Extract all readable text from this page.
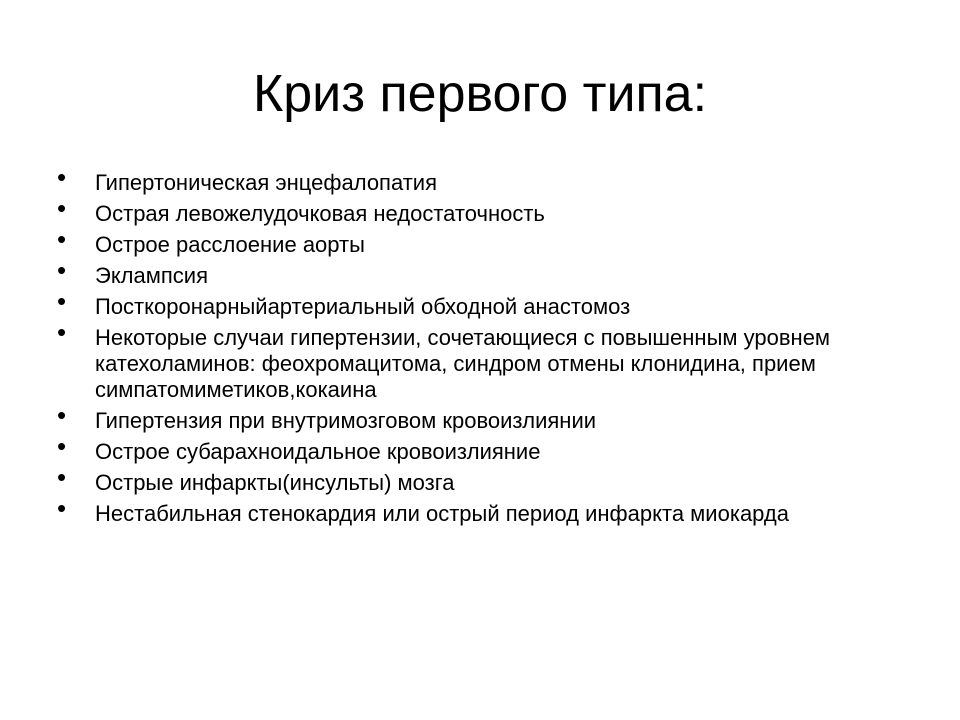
Криз первого типа:
• Гипертоническая энцефалопатия
• Острая левожелудочковая недостаточность
• Острое расслоение аорты
• Эклампсия
• Посткоронарныйартериальный обходной анастомоз
• Некоторые случаи гипертензии, сочетающиеся с повышенным уровнем катехоламинов: феохромацитома, синдром отмены клонидина, прием симпатомиметиков,кокаина
• Гипертензия при внутримозговом кровоизлиянии
• Острое субарахноидальное кровоизлияние
• Острые инфаркты(инсульты) мозга
• Нестабильная стенокардия или острый период инфаркта миокарда
